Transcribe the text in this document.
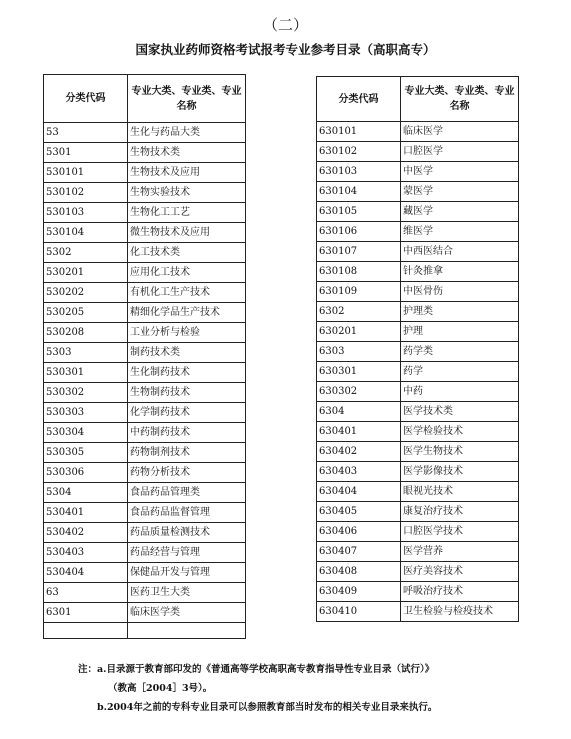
（二）
国家执业药师资格考试报考专业参考目录（高职高专）
分类代码	专业大类、专业类、专业名称
53	生化与药品大类
5301	生物技术类
530101	生物技术及应用
530102	生物实验技术
530103	生物化工工艺
530104	微生物技术及应用
5302	化工技术类
530201	应用化工技术
530202	有机化工生产技术
530205	精细化学品生产技术
530208	工业分析与检验
5303	制药技术类
530301	生化制药技术
530302	生物制药技术
530303	化学制药技术
530304	中药制药技术
530305	药物制剂技术
530306	药物分析技术
5304	食品药品管理类
530401	食品药品监督管理
530402	药品质量检测技术
530403	药品经营与管理
530404	保健品开发与管理
63	医药卫生大类
6301	临床医学类

分类代码	专业大类、专业类、专业名称
630101	临床医学
630102	口腔医学
630103	中医学
630104	蒙医学
630105	藏医学
630106	维医学
630107	中西医结合
630108	针灸推拿
630109	中医骨伤
6302	护理类
630201	护理
6303	药学类
630301	药学
630302	中药
6304	医学技术类
630401	医学检验技术
630402	医学生物技术
630403	医学影像技术
630404	眼视光技术
630405	康复治疗技术
630406	口腔医学技术
630407	医学营养
630408	医疗美容技术
630409	呼吸治疗技术
630410	卫生检验与检疫技术
注：a.目录源于教育部印发的《普通高等学校高职高专教育指导性专业目录（试行）》
（教高［2004］3号）。
b.2004年之前的专科专业目录可以参照教育部当时发布的相关专业目录来执行。
